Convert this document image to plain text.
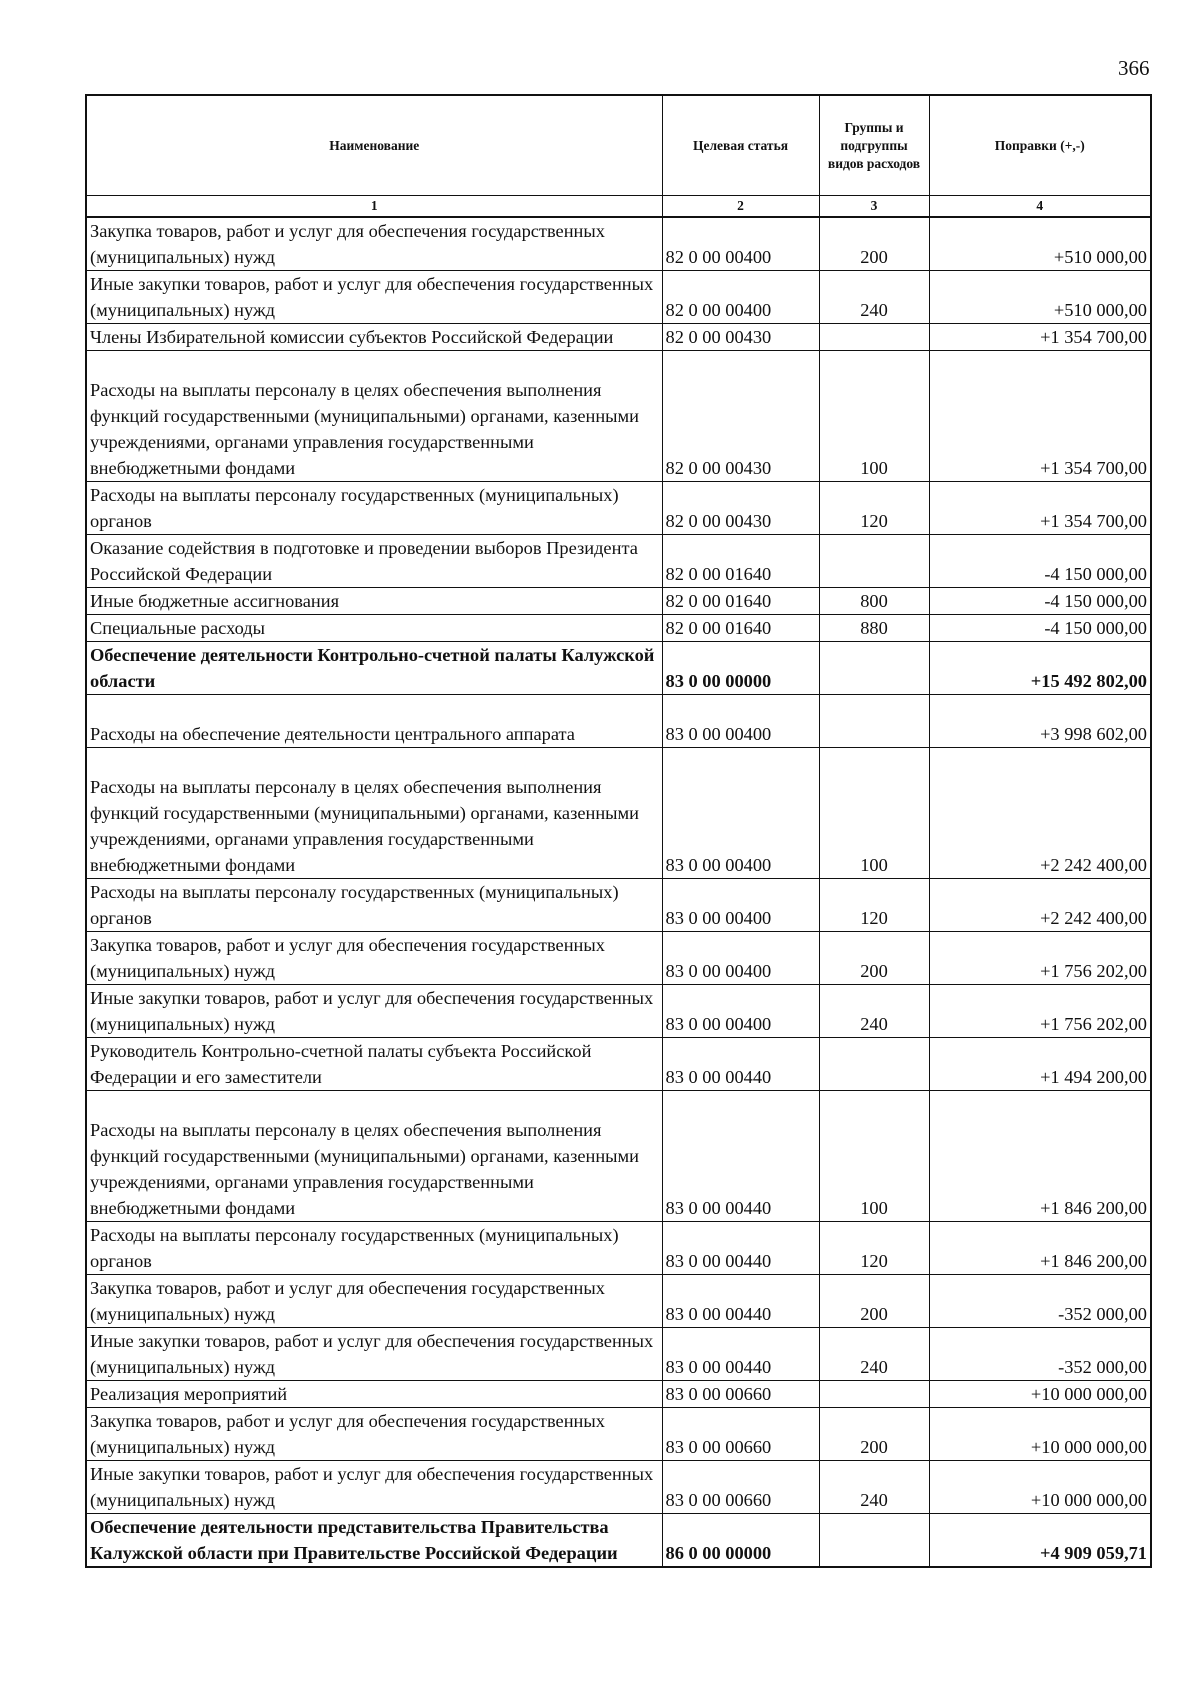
366
Наименование	Целевая статья	Группы и подгруппы видов расходов	Поправки (+,-)
1	2	3	4
Закупка товаров, работ и услуг для обеспечения государственных (муниципальных) нужд	82 0 00 00400	200	+510 000,00
Иные закупки товаров, работ и услуг для обеспечения государственных (муниципальных) нужд	82 0 00 00400	240	+510 000,00
Члены Избирательной комиссии субъектов Российской Федерации	82 0 00 00430		+1 354 700,00

Расходы на выплаты персоналу в целях обеспечения выполнения функций государственными (муниципальными) органами, казенными учреждениями, органами управления государственными внебюджетными фондами	82 0 00 00430	100	+1 354 700,00
Расходы на выплаты персоналу государственных (муниципальных) органов	82 0 00 00430	120	+1 354 700,00
Оказание содействия в подготовке и проведении выборов Президента Российской Федерации	82 0 00 01640		-4 150 000,00
Иные бюджетные ассигнования	82 0 00 01640	800	-4 150 000,00
Специальные расходы	82 0 00 01640	880	-4 150 000,00
Обеспечение деятельности Контрольно-счетной палаты Калужской области	83 0 00 00000		+15 492 802,00

Расходы на обеспечение деятельности центрального аппарата	83 0 00 00400		+3 998 602,00

Расходы на выплаты персоналу в целях обеспечения выполнения функций государственными (муниципальными) органами, казенными учреждениями, органами управления государственными внебюджетными фондами	83 0 00 00400	100	+2 242 400,00
Расходы на выплаты персоналу государственных (муниципальных) органов	83 0 00 00400	120	+2 242 400,00
Закупка товаров, работ и услуг для обеспечения государственных (муниципальных) нужд	83 0 00 00400	200	+1 756 202,00
Иные закупки товаров, работ и услуг для обеспечения государственных (муниципальных) нужд	83 0 00 00400	240	+1 756 202,00
Руководитель Контрольно-счетной палаты субъекта Российской Федерации и его заместители	83 0 00 00440		+1 494 200,00

Расходы на выплаты персоналу в целях обеспечения выполнения функций государственными (муниципальными) органами, казенными учреждениями, органами управления государственными внебюджетными фондами	83 0 00 00440	100	+1 846 200,00
Расходы на выплаты персоналу государственных (муниципальных) органов	83 0 00 00440	120	+1 846 200,00
Закупка товаров, работ и услуг для обеспечения государственных (муниципальных) нужд	83 0 00 00440	200	-352 000,00
Иные закупки товаров, работ и услуг для обеспечения государственных (муниципальных) нужд	83 0 00 00440	240	-352 000,00
Реализация мероприятий	83 0 00 00660		+10 000 000,00
Закупка товаров, работ и услуг для обеспечения государственных (муниципальных) нужд	83 0 00 00660	200	+10 000 000,00
Иные закупки товаров, работ и услуг для обеспечения государственных (муниципальных) нужд	83 0 00 00660	240	+10 000 000,00
Обеспечение деятельности представительства Правительства Калужской области при Правительстве Российской Федерации	86 0 00 00000		+4 909 059,71
